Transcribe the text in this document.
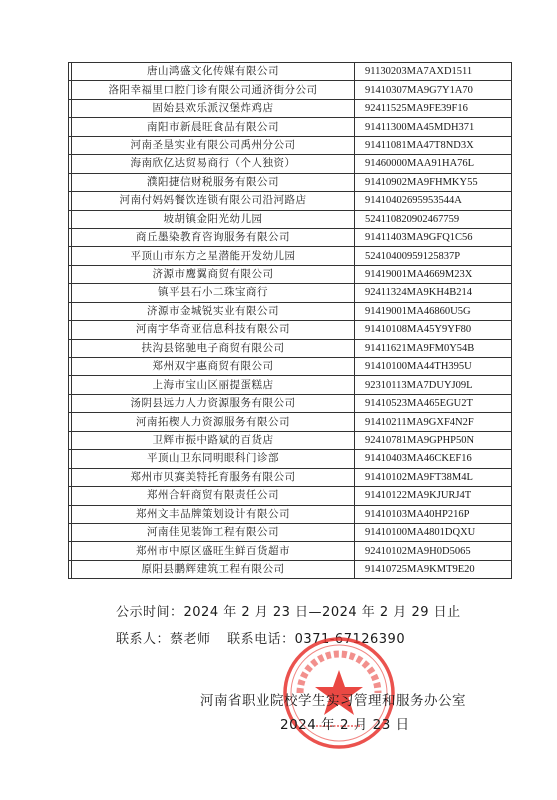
	唐山鸿盛文化传媒有限公司	91130203MA7AXD1511
	洛阳幸福里口腔门诊有限公司通济街分公司	91410307MA9G7Y1A70
	固始县欢乐派汉堡炸鸡店	92411525MA9FE39F16
	南阳市新晨旺食品有限公司	91411300MA45MDH371
	河南圣垦实业有限公司禹州分公司	91411081MA47T8ND3X
	海南欣亿达贸易商行（个人独资）	91460000MAA91HA76L
	濮阳捷信财税服务有限公司	91410902MA9FHMKY55
	河南付妈妈餐饮连锁有限公司沿河路店	91410402695953544A
	坡胡镇金阳光幼儿园	524110820902467759
	商丘墨染教育咨询服务有限公司	91411403MA9GFQ1C56
	平顶山市东方之星潜能开发幼儿园	52410400959125837P
	济源市鹰翼商贸有限公司	91419001MA4669M23X
	镇平县石小二珠宝商行	92411324MA9KH4B214
	济源市金城锐实业有限公司	91419001MA46860U5G
	河南宇华奇亚信息科技有限公司	91410108MA45Y9YF80
	扶沟县铭驰电子商贸有限公司	91411621MA9FM0Y54B
	郑州双宇惠商贸有限公司	91410100MA44TH395U
	上海市宝山区丽提蛋糕店	92310113MA7DUYJ09L
	汤阴县远力人力资源服务有限公司	91410523MA465EGU2T
	河南拓楔人力资源服务有限公司	91410211MA9GXF4N2F
	卫辉市振中路斌的百货店	92410781MA9GPHP50N
	平顶山卫东同明眼科门诊部	91410403MA46CKEF16
	郑州市贝赛美特托育服务有限公司	91410102MA9FT38M4L
	郑州合轩商贸有限责任公司	91410122MA9KJURJ4T
	郑州文丰品牌策划设计有限公司	91410103MA40HP216P
	河南佳见装饰工程有限公司	91410100MA4801DQXU
	郑州市中原区盛旺生鲜百货超市	92410102MA9H0D5065
	原阳县鹏辉建筑工程有限公司	91410725MA9KMT9E20
公示时间：2024 年 2 月 23 日—2024 年 2 月 29 日止
联系人：蔡老师 联系电话：0371-67126390
河南省职业院校学生实习管理和服务办公室
2024 年 2 月 23 日
